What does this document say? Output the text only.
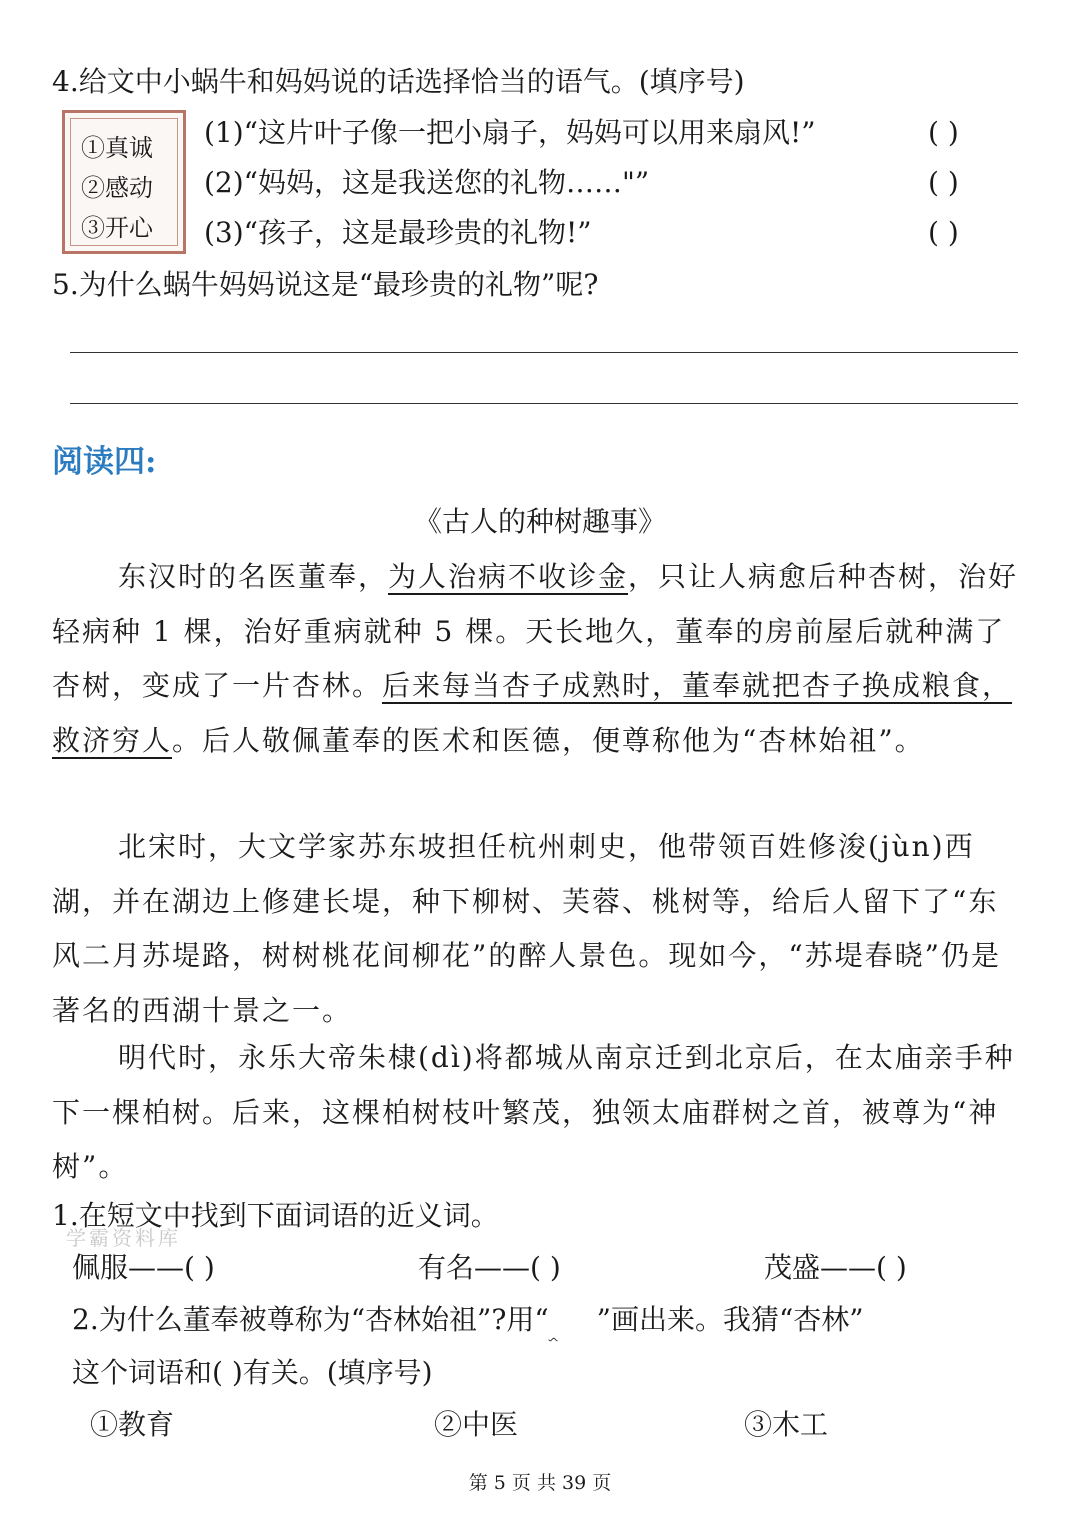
4.给文中小蜗牛和妈妈说的话选择恰当的语气。(填序号)
①真诚
②感动
③开心
(1)“这片叶子像一把小扇子，妈妈可以用来扇风!”	( )
(2)“妈妈，这是我送您的礼物……"”	( )
(3)“孩子，这是最珍贵的礼物!”	( )
5.为什么蜗牛妈妈说这是“最珍贵的礼物”呢?
阅读四:
《古人的种树趣事》
东汉时的名医董奉，为人治病不收诊金，只让人病愈后种杏树，治好轻病种 1 棵，治好重病就种 5 棵。天长地久，董奉的房前屋后就种满了杏树，变成了一片杏林。后来每当杏子成熟时，董奉就把杏子换成粮食，救济穷人。后人敬佩董奉的医术和医德，便尊称他为“杏林始祖”。
北宋时，大文学家苏东坡担任杭州刺史，他带领百姓修浚(jùn)西湖，并在湖边上修建长堤，种下柳树、芙蓉、桃树等，给后人留下了“东风二月苏堤路，树树桃花间柳花”的醉人景色。现如今，“苏堤春晓”仍是著名的西湖十景之一。
明代时，永乐大帝朱棣(dì)将都城从南京迁到北京后，在太庙亲手种下一棵柏树。后来，这棵柏树枝叶繁茂，独领太庙群树之首，被尊为“神树”。
1.在短文中找到下面词语的近义词。
学霸资料库
佩服——( )	有名——( )	茂盛——( )
2.为什么董奉被尊称为“杏林始祖”?用“ ”画出来。我猜“杏林”
这个词语和( )有关。(填序号)
①教育	②中医	③木工
第 5 页 共 39 页
